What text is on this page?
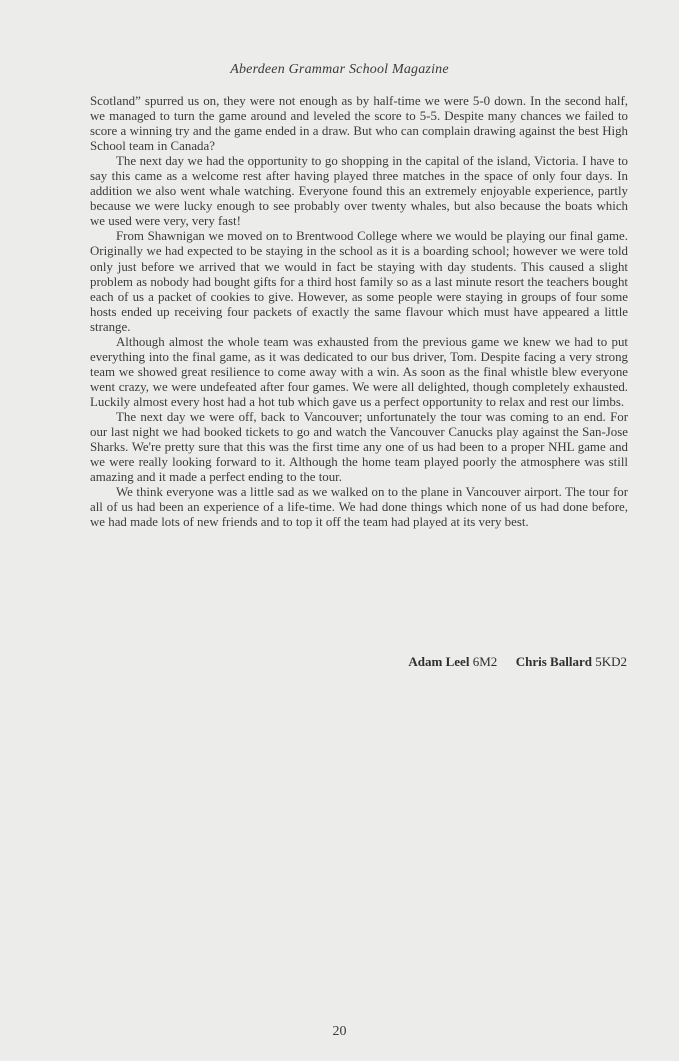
Aberdeen Grammar School Magazine

Scotland” spurred us on, they were not enough as by half-time we were 5-0 down. In the second half, we managed to turn the game around and leveled the score to 5-5. Despite many chances we failed to score a winning try and the game ended in a draw. But who can complain drawing against the best High School team in Canada?

The next day we had the opportunity to go shopping in the capital of the island, Victoria. I have to say this came as a welcome rest after having played three matches in the space of only four days. In addition we also went whale watching. Everyone found this an extremely enjoyable experience, partly because we were lucky enough to see probably over twenty whales, but also because the boats which we used were very, very fast!

From Shawnigan we moved on to Brentwood College where we would be playing our final game. Originally we had expected to be staying in the school as it is a boarding school; however we were told only just before we arrived that we would in fact be staying with day students. This caused a slight problem as nobody had bought gifts for a third host family so as a last minute resort the teachers bought each of us a packet of cookies to give. However, as some people were staying in groups of four some hosts ended up receiving four packets of exactly the same flavour which must have appeared a little strange.

Although almost the whole team was exhausted from the previous game we knew we had to put everything into the final game, as it was dedicated to our bus driver, Tom. Despite facing a very strong team we showed great resilience to come away with a win. As soon as the final whistle blew everyone went crazy, we were undefeated after four games. We were all delighted, though completely exhausted. Luckily almost every host had a hot tub which gave us a perfect opportunity to relax and rest our limbs.

The next day we were off, back to Vancouver; unfortunately the tour was coming to an end. For our last night we had booked tickets to go and watch the Vancouver Canucks play against the San-Jose Sharks. We're pretty sure that this was the first time any one of us had been to a proper NHL game and we were really looking forward to it. Although the home team played poorly the atmosphere was still amazing and it made a perfect ending to the tour.

We think everyone was a little sad as we walked on to the plane in Vancouver airport. The tour for all of us had been an experience of a life-time. We had done things which none of us had done before, we had made lots of new friends and to top it off the team had played at its very best.

Adam Leel 6M2 Chris Ballard 5KD2
20
